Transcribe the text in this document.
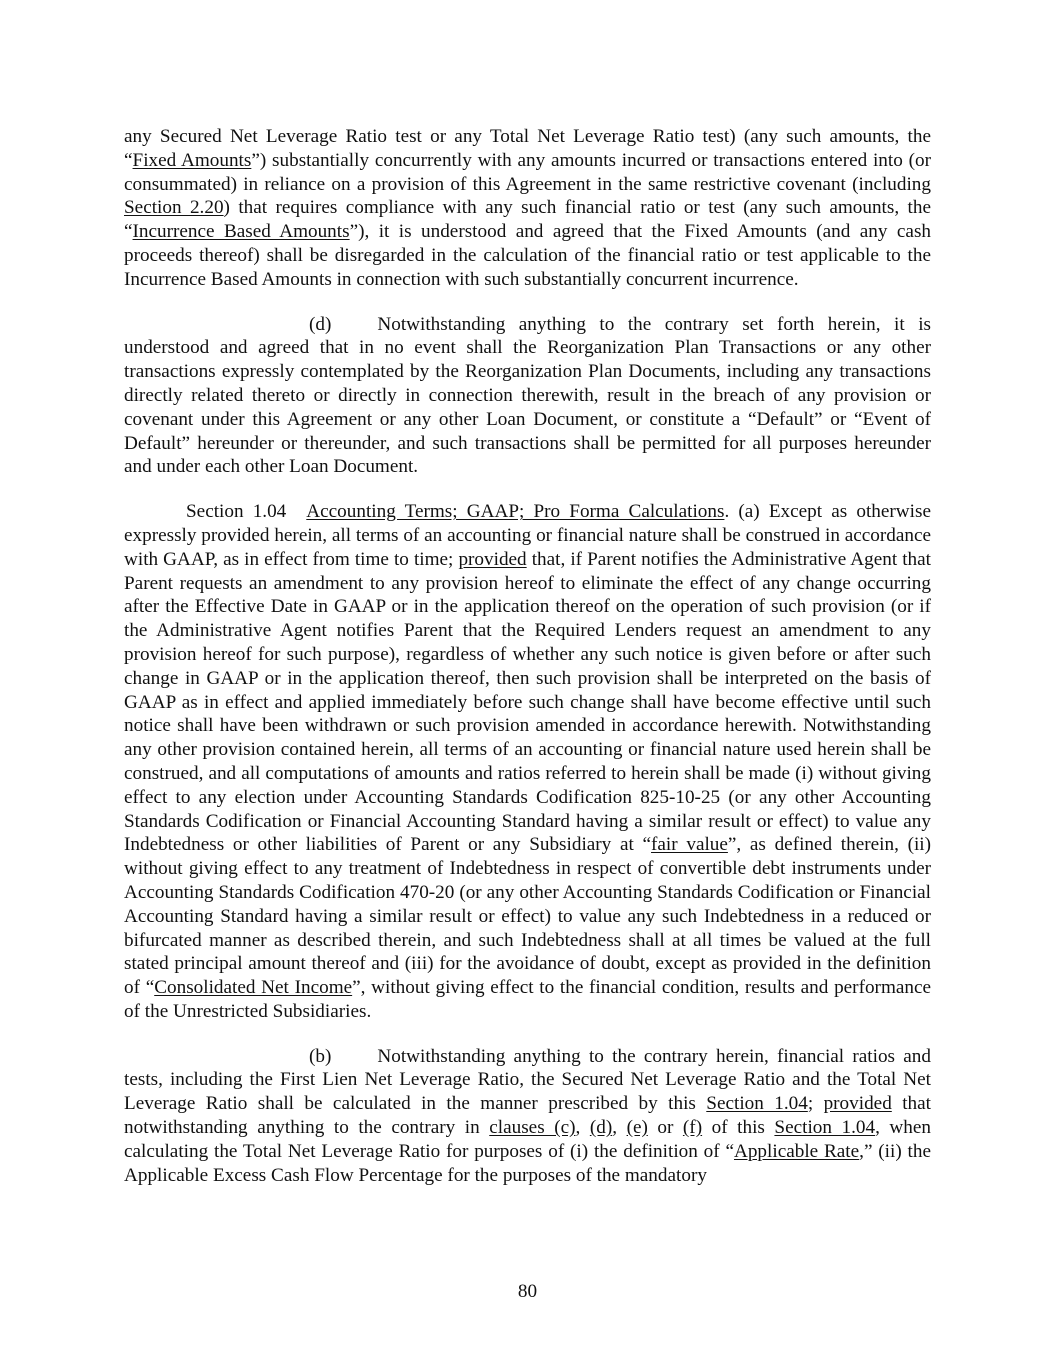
any Secured Net Leverage Ratio test or any Total Net Leverage Ratio test) (any such amounts, the “Fixed Amounts”) substantially concurrently with any amounts incurred or transactions entered into (or consummated) in reliance on a provision of this Agreement in the same restrictive covenant (including Section 2.20) that requires compliance with any such financial ratio or test (any such amounts, the “Incurrence Based Amounts”), it is understood and agreed that the Fixed Amounts (and any cash proceeds thereof) shall be disregarded in the calculation of the financial ratio or test applicable to the Incurrence Based Amounts in connection with such substantially concurrent incurrence.

(d) Notwithstanding anything to the contrary set forth herein, it is understood and agreed that in no event shall the Reorganization Plan Transactions or any other transactions expressly contemplated by the Reorganization Plan Documents, including any transactions directly related thereto or directly in connection therewith, result in the breach of any provision or covenant under this Agreement or any other Loan Document, or constitute a “Default” or “Event of Default” hereunder or thereunder, and such transactions shall be permitted for all purposes hereunder and under each other Loan Document.

Section 1.04 Accounting Terms; GAAP; Pro Forma Calculations. (a) Except as otherwise expressly provided herein, all terms of an accounting or financial nature shall be construed in accordance with GAAP, as in effect from time to time; provided that, if Parent notifies the Administrative Agent that Parent requests an amendment to any provision hereof to eliminate the effect of any change occurring after the Effective Date in GAAP or in the application thereof on the operation of such provision (or if the Administrative Agent notifies Parent that the Required Lenders request an amendment to any provision hereof for such purpose), regardless of whether any such notice is given before or after such change in GAAP or in the application thereof, then such provision shall be interpreted on the basis of GAAP as in effect and applied immediately before such change shall have become effective until such notice shall have been withdrawn or such provision amended in accordance herewith. Notwithstanding any other provision contained herein, all terms of an accounting or financial nature used herein shall be construed, and all computations of amounts and ratios referred to herein shall be made (i) without giving effect to any election under Accounting Standards Codification 825-10-25 (or any other Accounting Standards Codification or Financial Accounting Standard having a similar result or effect) to value any Indebtedness or other liabilities of Parent or any Subsidiary at “fair value”, as defined therein, (ii) without giving effect to any treatment of Indebtedness in respect of convertible debt instruments under Accounting Standards Codification 470-20 (or any other Accounting Standards Codification or Financial Accounting Standard having a similar result or effect) to value any such Indebtedness in a reduced or bifurcated manner as described therein, and such Indebtedness shall at all times be valued at the full stated principal amount thereof and (iii) for the avoidance of doubt, except as provided in the definition of “Consolidated Net Income”, without giving effect to the financial condition, results and performance of the Unrestricted Subsidiaries.

(b) Notwithstanding anything to the contrary herein, financial ratios and tests, including the First Lien Net Leverage Ratio, the Secured Net Leverage Ratio and the Total Net Leverage Ratio shall be calculated in the manner prescribed by this Section 1.04; provided that notwithstanding anything to the contrary in clauses (c), (d), (e) or (f) of this Section 1.04, when calculating the Total Net Leverage Ratio for purposes of (i) the definition of “Applicable Rate,” (ii) the Applicable Excess Cash Flow Percentage for the purposes of the mandatory

80
